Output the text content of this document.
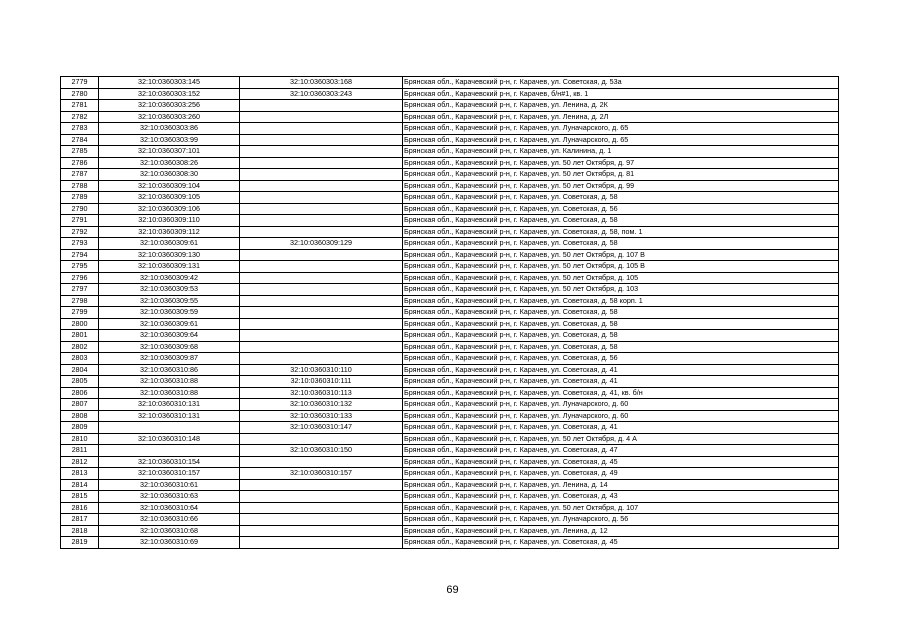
2779	32:10:0360303:145	32:10:0360303:168	Брянская обл., Карачевский р-н, г. Карачев, ул. Советская, д. 53а
2780	32:10:0360303:152	32:10:0360303:243	Брянская обл., Карачевский р-н, г. Карачев, б/н#1, кв. 1
2781	32:10:0360303:256		Брянская обл., Карачевский р-н, г. Карачев, ул. Ленина, д. 2К
2782	32:10:0360303:260		Брянская обл., Карачевский р-н, г. Карачев, ул. Ленина, д. 2Л
2783	32:10:0360303:86		Брянская обл., Карачевский р-н, г. Карачев, ул. Луначарского, д. 65
2784	32:10:0360303:99		Брянская обл., Карачевский р-н, г. Карачев, ул. Луначарского, д. 65
2785	32:10:0360307:101		Брянская обл., Карачевский р-н, г. Карачев, ул. Калинина, д. 1
2786	32:10:0360308:26		Брянская обл., Карачевский р-н, г. Карачев, ул. 50 лет Октября, д. 97
2787	32:10:0360308:30		Брянская обл., Карачевский р-н, г. Карачев, ул. 50 лет Октября, д. 81
2788	32:10:0360309:104		Брянская обл., Карачевский р-н, г. Карачев, ул. 50 лет Октября, д. 99
2789	32:10:0360309:105		Брянская обл., Карачевский р-н, г. Карачев, ул. Советская, д. 58
2790	32:10:0360309:106		Брянская обл., Карачевский р-н, г. Карачев, ул. Советская, д. 56
2791	32:10:0360309:110		Брянская обл., Карачевский р-н, г. Карачев, ул. Советская, д. 58
2792	32:10:0360309:112		Брянская обл., Карачевский р-н, г. Карачев, ул. Советская, д. 58, пом. 1
2793	32:10:0360309:61	32:10:0360309:129	Брянская обл., Карачевский р-н, г. Карачев, ул. Советская, д. 58
2794	32:10:0360309:130		Брянская обл., Карачевский р-н, г. Карачев, ул. 50 лет Октября, д. 107 В
2795	32:10:0360309:131		Брянская обл., Карачевский р-н, г. Карачев, ул. 50 лет Октября, д. 105 В
2796	32:10:0360309:42		Брянская обл., Карачевский р-н, г. Карачев, ул. 50 лет Октября, д. 105
2797	32:10:0360309:53		Брянская обл., Карачевский р-н, г. Карачев, ул. 50 лет Октября, д. 103
2798	32:10:0360309:55		Брянская обл., Карачевский р-н, г. Карачев, ул. Советская, д. 58 корп. 1
2799	32:10:0360309:59		Брянская обл., Карачевский р-н, г. Карачев, ул. Советская, д. 58
2800	32:10:0360309:61		Брянская обл., Карачевский р-н, г. Карачев, ул. Советская, д. 58
2801	32:10:0360309:64		Брянская обл., Карачевский р-н, г. Карачев, ул. Советская, д. 58
2802	32:10:0360309:68		Брянская обл., Карачевский р-н, г. Карачев, ул. Советская, д. 58
2803	32:10:0360309:87		Брянская обл., Карачевский р-н, г. Карачев, ул. Советская, д. 56
2804	32:10:0360310:86	32:10:0360310:110	Брянская обл., Карачевский р-н, г. Карачев, ул. Советская, д. 41
2805	32:10:0360310:88	32:10:0360310:111	Брянская обл., Карачевский р-н, г. Карачев, ул. Советская, д. 41
2806	32:10:0360310:88	32:10:0360310:113	Брянская обл., Карачевский р-н, г. Карачев, ул. Советская, д. 41, кв. б/н
2807	32:10:0360310:131	32:10:0360310:132	Брянская обл., Карачевский р-н, г. Карачев, ул. Луначарского, д. 60
2808	32:10:0360310:131	32:10:0360310:133	Брянская обл., Карачевский р-н, г. Карачев, ул. Луначарского, д. 60
2809		32:10:0360310:147	Брянская обл., Карачевский р-н, г. Карачев, ул. Советская, д. 41
2810	32:10:0360310:148		Брянская обл., Карачевский р-н, г. Карачев, ул. 50 лет Октября, д. 4 А
2811		32:10:0360310:150	Брянская обл., Карачевский р-н, г. Карачев, ул. Советская, д. 47
2812	32:10:0360310:154		Брянская обл., Карачевский р-н, г. Карачев, ул. Советская, д. 45
2813	32:10:0360310:157	32:10:0360310:157	Брянская обл., Карачевский р-н, г. Карачев, ул. Советская, д. 49
2814	32:10:0360310:61		Брянская обл., Карачевский р-н, г. Карачев, ул. Ленина, д. 14
2815	32:10:0360310:63		Брянская обл., Карачевский р-н, г. Карачев, ул. Советская, д. 43
2816	32:10:0360310:64		Брянская обл., Карачевский р-н, г. Карачев, ул. 50 лет Октября, д. 107
2817	32:10:0360310:66		Брянская обл., Карачевский р-н, г. Карачев, ул. Луначарского, д. 56
2818	32:10:0360310:68		Брянская обл., Карачевский р-н, г. Карачев, ул. Ленина, д. 12
2819	32:10:0360310:69		Брянская обл., Карачевский р-н, г. Карачев, ул. Советская, д. 45
69
